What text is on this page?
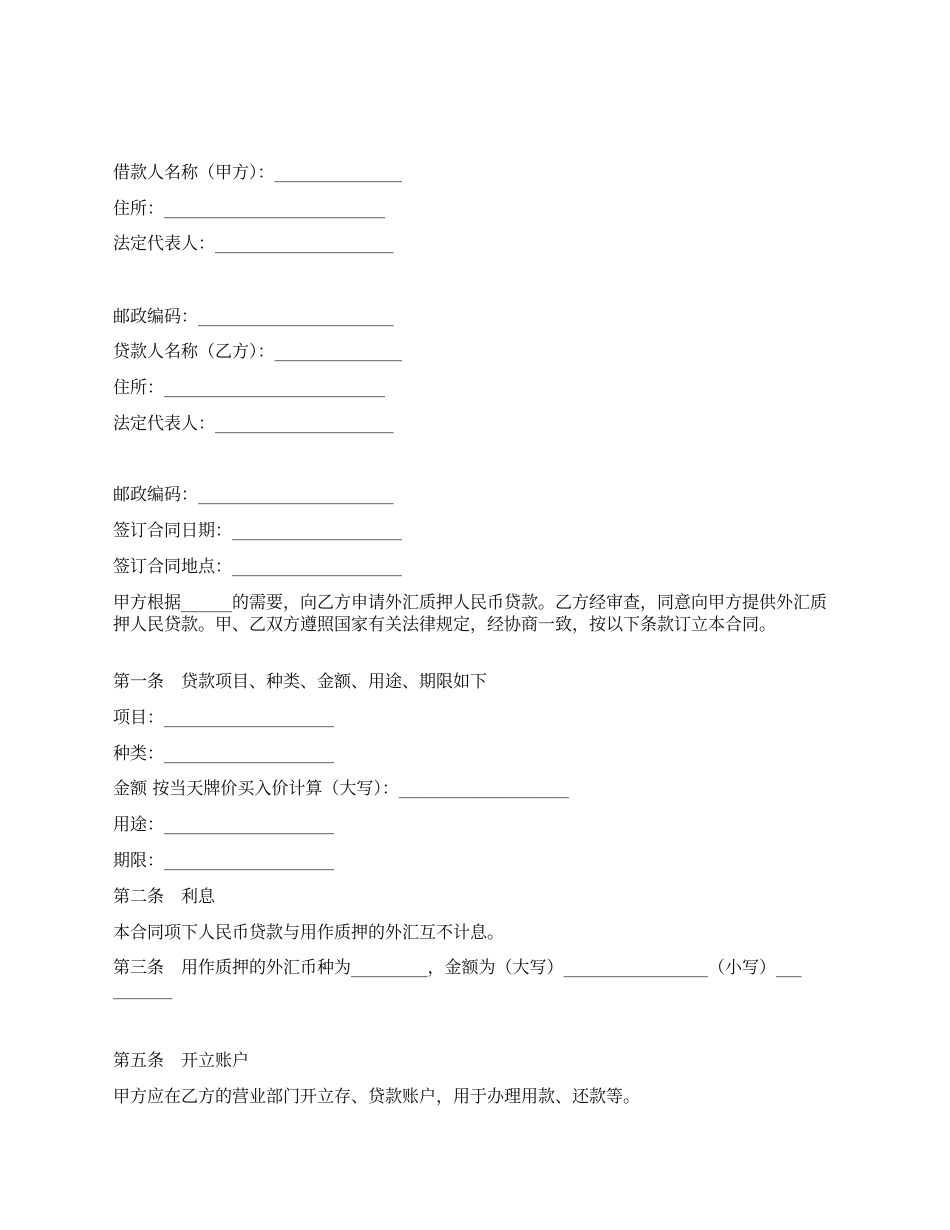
借款人名称（甲方）：_______________
住所：__________________________
法定代表人：_____________________
邮政编码：_______________________
贷款人名称（乙方）：_______________
住所：__________________________
法定代表人：_____________________
邮政编码：_______________________
签订合同日期：____________________
签订合同地点：____________________
甲方根据______的需要，向乙方申请外汇质押人民币贷款。乙方经审查，同意向甲方提供外汇质押人民贷款。甲、乙双方遵照国家有关法律规定，经协商一致，按以下条款订立本合同。
第一条　贷款项目、种类、金额、用途、期限如下
项目：____________________
种类：____________________
金额 按当天牌价买入价计算（大写）：____________________
用途：____________________
期限：____________________
第二条　利息
本合同项下人民币贷款与用作质押的外汇互不计息。
第三条　用作质押的外汇币种为_________，金额为（大写）_________________（小写）__________
第五条　开立账户
甲方应在乙方的营业部门开立存、贷款账户，用于办理用款、还款等。
